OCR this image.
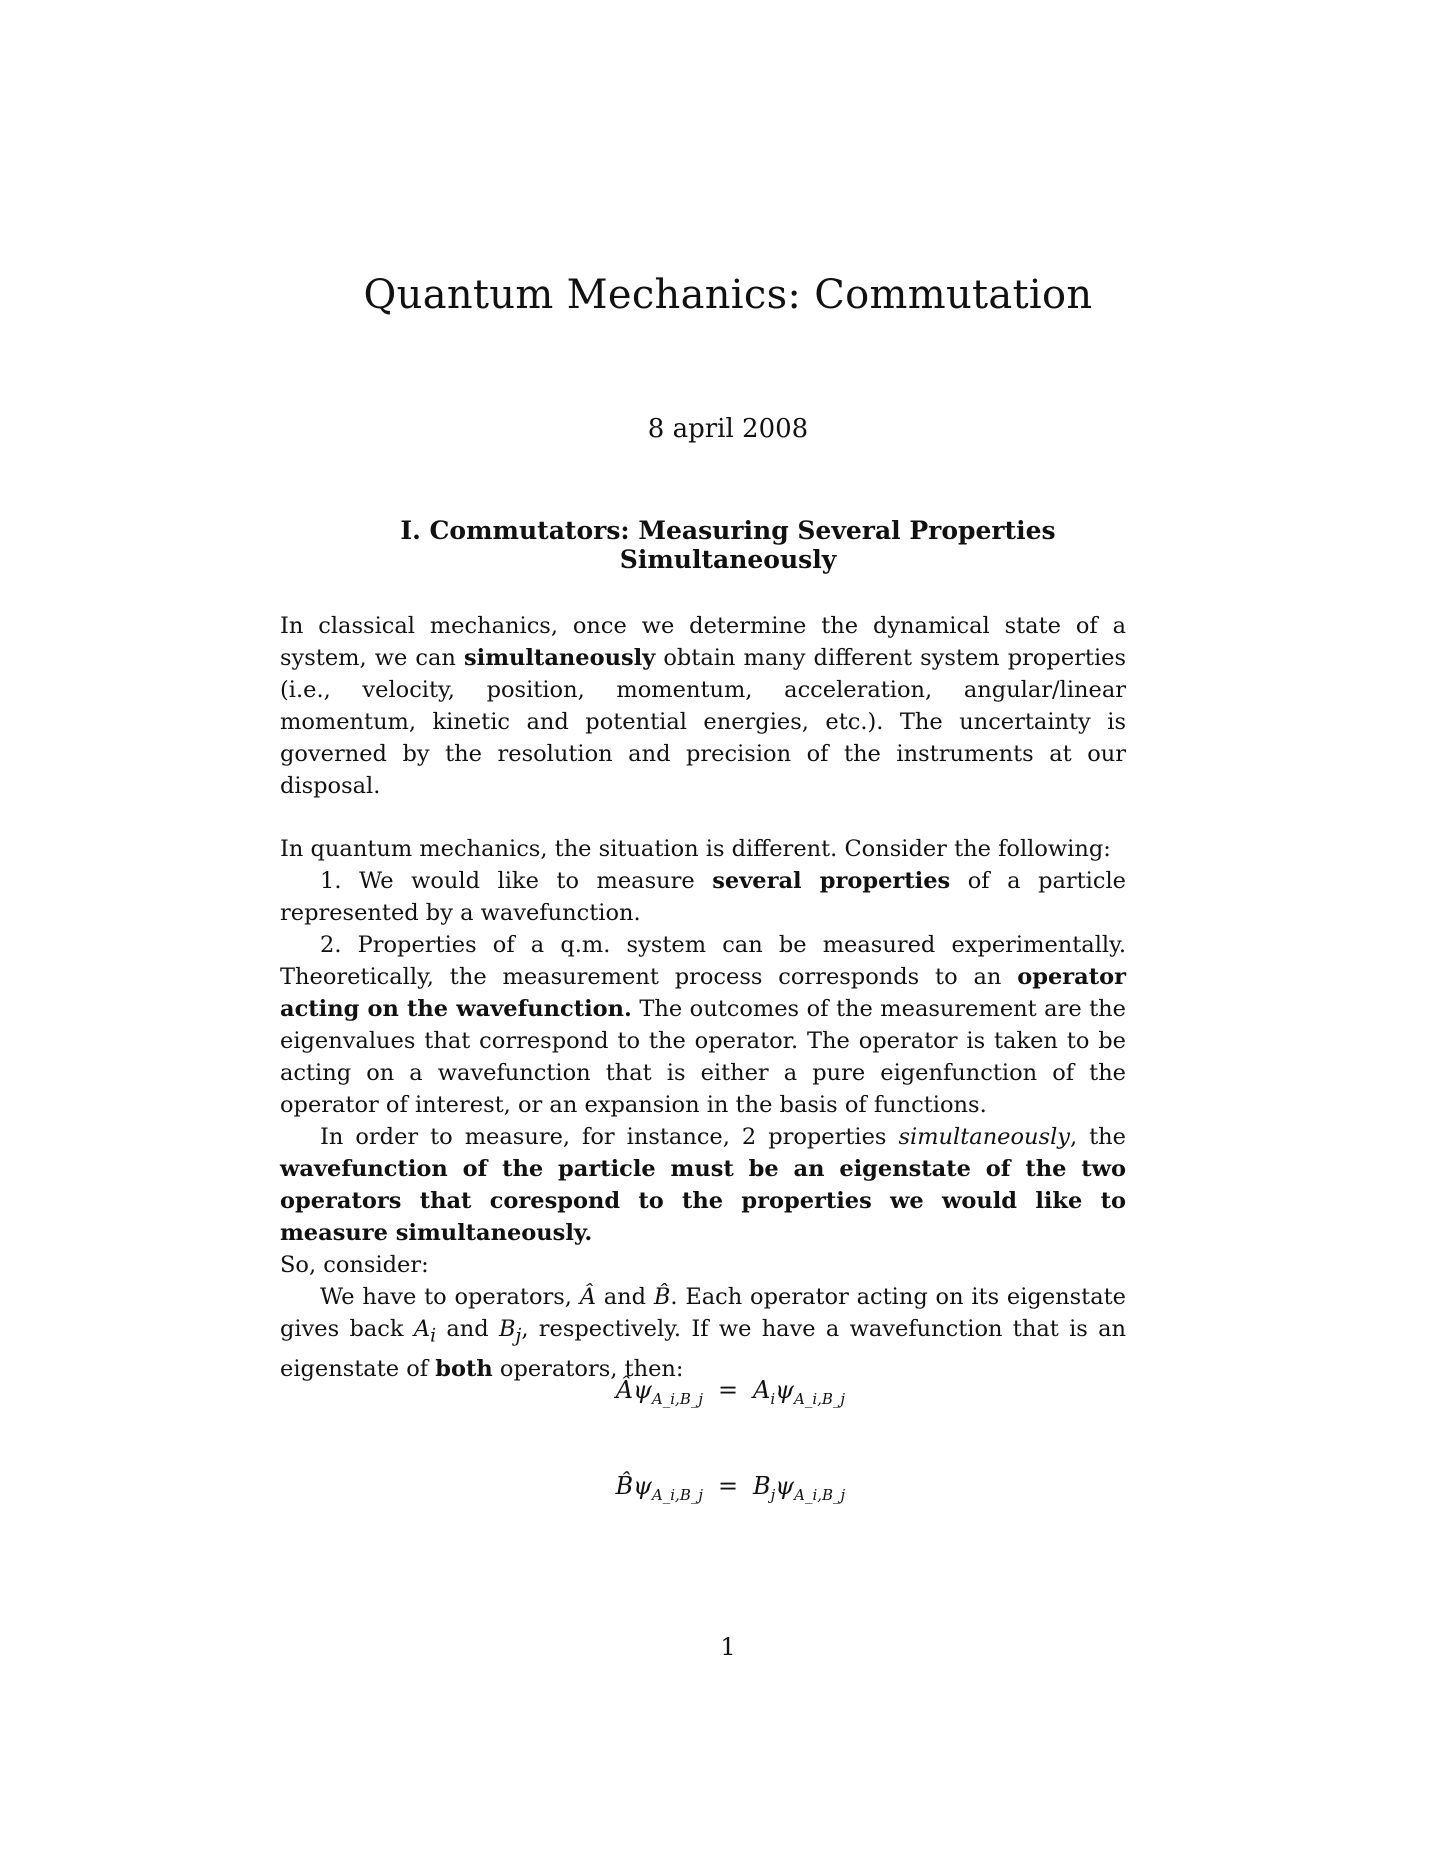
Quantum Mechanics: Commutation
8 april 2008
I. Commutators: Measuring Several Properties Simultaneously

In classical mechanics, once we determine the dynamical state of a system, we can simultaneously obtain many different system properties (i.e., velocity, position, momentum, acceleration, angular/linear momentum, kinetic and potential energies, etc.). The uncertainty is governed by the resolution and precision of the instruments at our disposal.

In quantum mechanics, the situation is different. Consider the following:

1. We would like to measure several properties of a particle represented by a wavefunction.

2. Properties of a q.m. system can be measured experimentally. Theoretically, the measurement process corresponds to an operator acting on the wavefunction. The outcomes of the measurement are the eigenvalues that correspond to the operator. The operator is taken to be acting on a wavefunction that is either a pure eigenfunction of the operator of interest, or an expansion in the basis of functions.

In order to measure, for instance, 2 properties simultaneously, the wavefunction of the particle must be an eigenstate of the two operators that corespond to the properties we would like to measure simultaneously.

So, consider:

We have to operators, Â and B̂. Each operator acting on its eigenstate gives back $A_i$ and $B_j$, respectively. If we have a wavefunction that is an eigenstate of both operators, then:

$Â\psi_{A\_i,B\_j} = A_i\psi_{A\_i,B\_j}$
$B̂\psi_{A\_i,B\_j} = B_j\psi_{A\_i,B\_j}$
1
